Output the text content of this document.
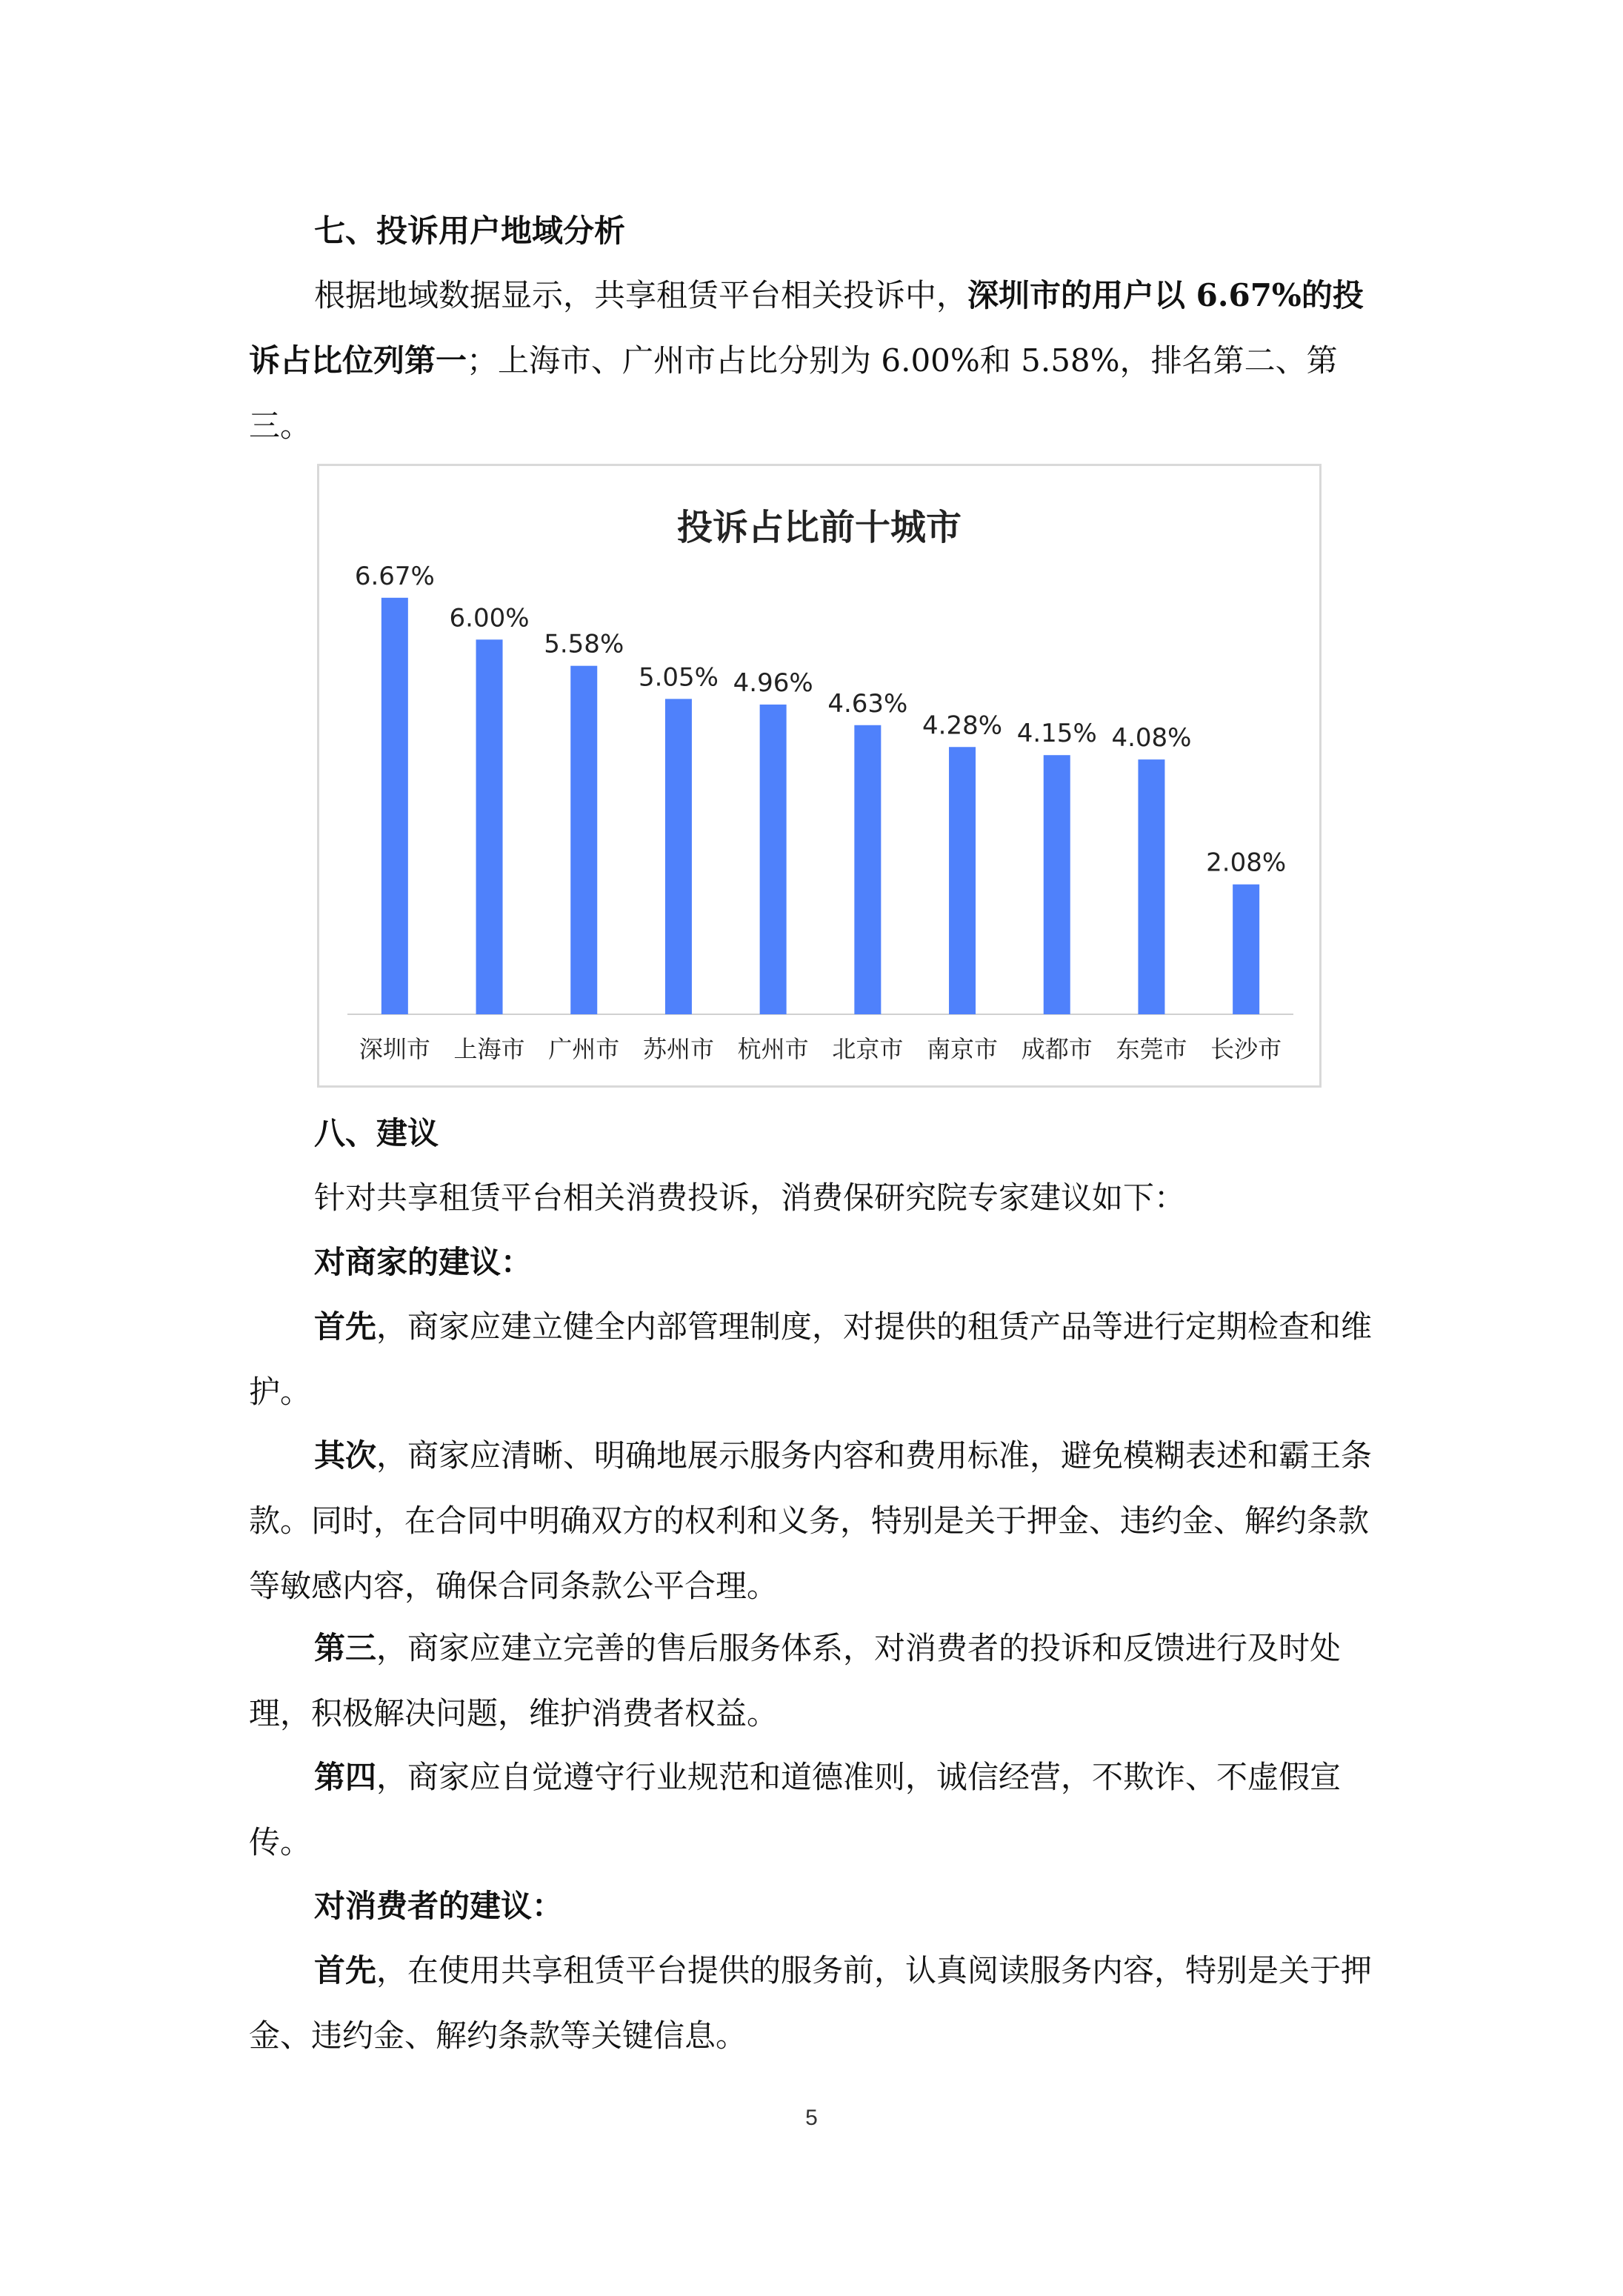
七、投诉用户地域分析

根据地域数据显示，共享租赁平台相关投诉中，深圳市的用户以 6.67%的投诉占比位列第一；上海市、广州市占比分别为 6.00%和 5.58%，排名第二、第三。

投诉占比前十城市
6.67%
深圳市
6.00%
上海市
5.58%
广州市
5.05%
苏州市
4.96%
杭州市
4.63%
北京市
4.28%
南京市
4.15%
成都市
4.08%
东莞市
2.08%
长沙市

八、建议

针对共享租赁平台相关消费投诉，消费保研究院专家建议如下：

对商家的建议：

首先，商家应建立健全内部管理制度，对提供的租赁产品等进行定期检查和维护。

其次，商家应清晰、明确地展示服务内容和费用标准，避免模糊表述和霸王条款。同时，在合同中明确双方的权利和义务，特别是关于押金、违约金、解约条款等敏感内容，确保合同条款公平合理。

第三，商家应建立完善的售后服务体系，对消费者的投诉和反馈进行及时处理，积极解决问题，维护消费者权益。

第四，商家应自觉遵守行业规范和道德准则，诚信经营，不欺诈、不虚假宣传。

对消费者的建议：

首先，在使用共享租赁平台提供的服务前，认真阅读服务内容，特别是关于押金、违约金、解约条款等关键信息。

5
